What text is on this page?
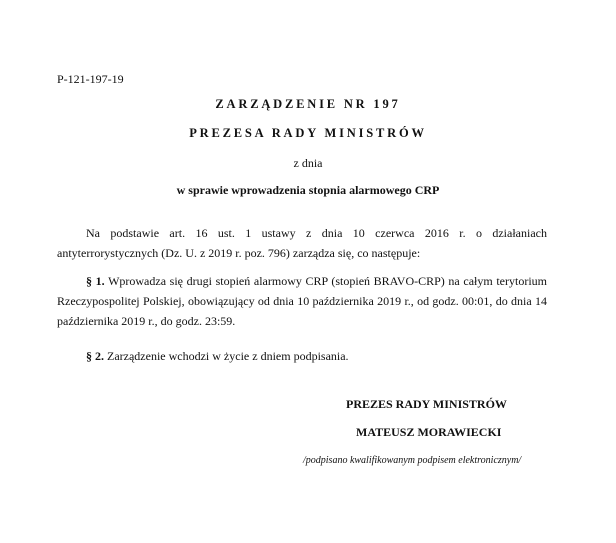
P-121-197-19
ZARZĄDZENIE NR 197
PREZESA RADY MINISTRÓW
z dnia
w sprawie wprowadzenia stopnia alarmowego CRP
Na podstawie art. 16 ust. 1 ustawy z dnia 10 czerwca 2016 r. o działaniach antyterrorystycznych (Dz. U. z 2019 r. poz. 796) zarządza się, co następuje:
§ 1. Wprowadza się drugi stopień alarmowy CRP (stopień BRAVO-CRP) na całym terytorium Rzeczypospolitej Polskiej, obowiązujący od dnia 10 października 2019 r., od godz. 00:01, do dnia 14 października 2019 r., do godz. 23:59.
§ 2. Zarządzenie wchodzi w życie z dniem podpisania.
PREZES RADY MINISTRÓW
MATEUSZ MORAWIECKI
/podpisano kwalifikowanym podpisem elektronicznym/
